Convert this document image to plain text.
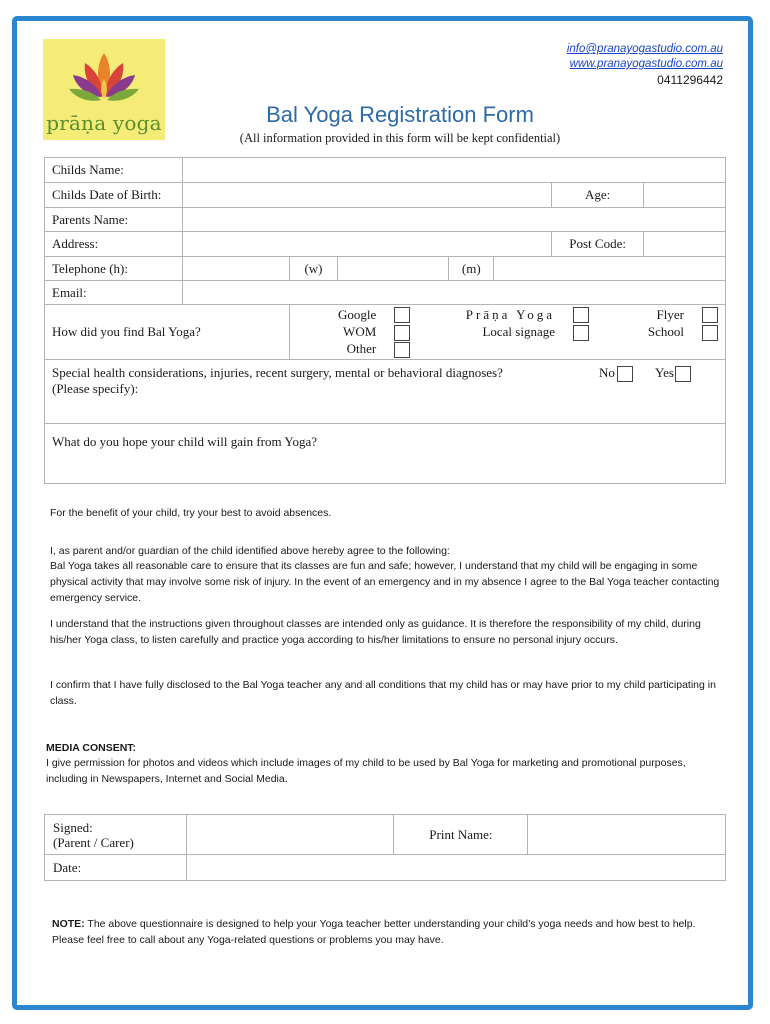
prāṇa yoga
info@pranayogastudio.com.au
www.pranayogastudio.com.au
0411296442
Bal Yoga Registration Form
(All information provided in this form will be kept confidential)
Childs Name:	
Childs Date of Birth:		Age:	
Parents Name:	
Address:		Post Code:	
Telephone (h):		(w)		(m)	
Email:	
How did you find Bal Yoga?	
Google		Prāṇa Yoga		Flyer	
WOM		Local signage		School	
Other		

Special health considerations, injuries, recent surgery, mental or behavioral diagnoses?	No	Yes
(Please specify):

What do you hope your child will gain from Yoga?
For the benefit of your child, try your best to avoid absences.
I, as parent and/or guardian of the child identified above hereby agree to the following:
Bal Yoga takes all reasonable care to ensure that its classes are fun and safe; however, I understand that my child will be engaging in some physical activity that may involve some risk of injury. In the event of an emergency and in my absence I agree to the Bal Yoga teacher contacting emergency service.
I understand that the instructions given throughout classes are intended only as guidance. It is therefore the responsibility of my child, during his/her Yoga class, to listen carefully and practice yoga according to his/her limitations to ensure no personal injury occurs.
I confirm that I have fully disclosed to the Bal Yoga teacher any and all conditions that my child has or may have prior to my child participating in class.
MEDIA CONSENT:
I give permission for photos and videos which include images of my child to be used by Bal Yoga for marketing and promotional purposes, including in Newspapers, Internet and Social Media.
Signed:
(Parent / Carer)		Print Name:	
Date:			
NOTE: The above questionnaire is designed to help your Yoga teacher better understanding your child’s yoga needs and how best to help. Please feel free to call about any Yoga-related questions or problems you may have.
